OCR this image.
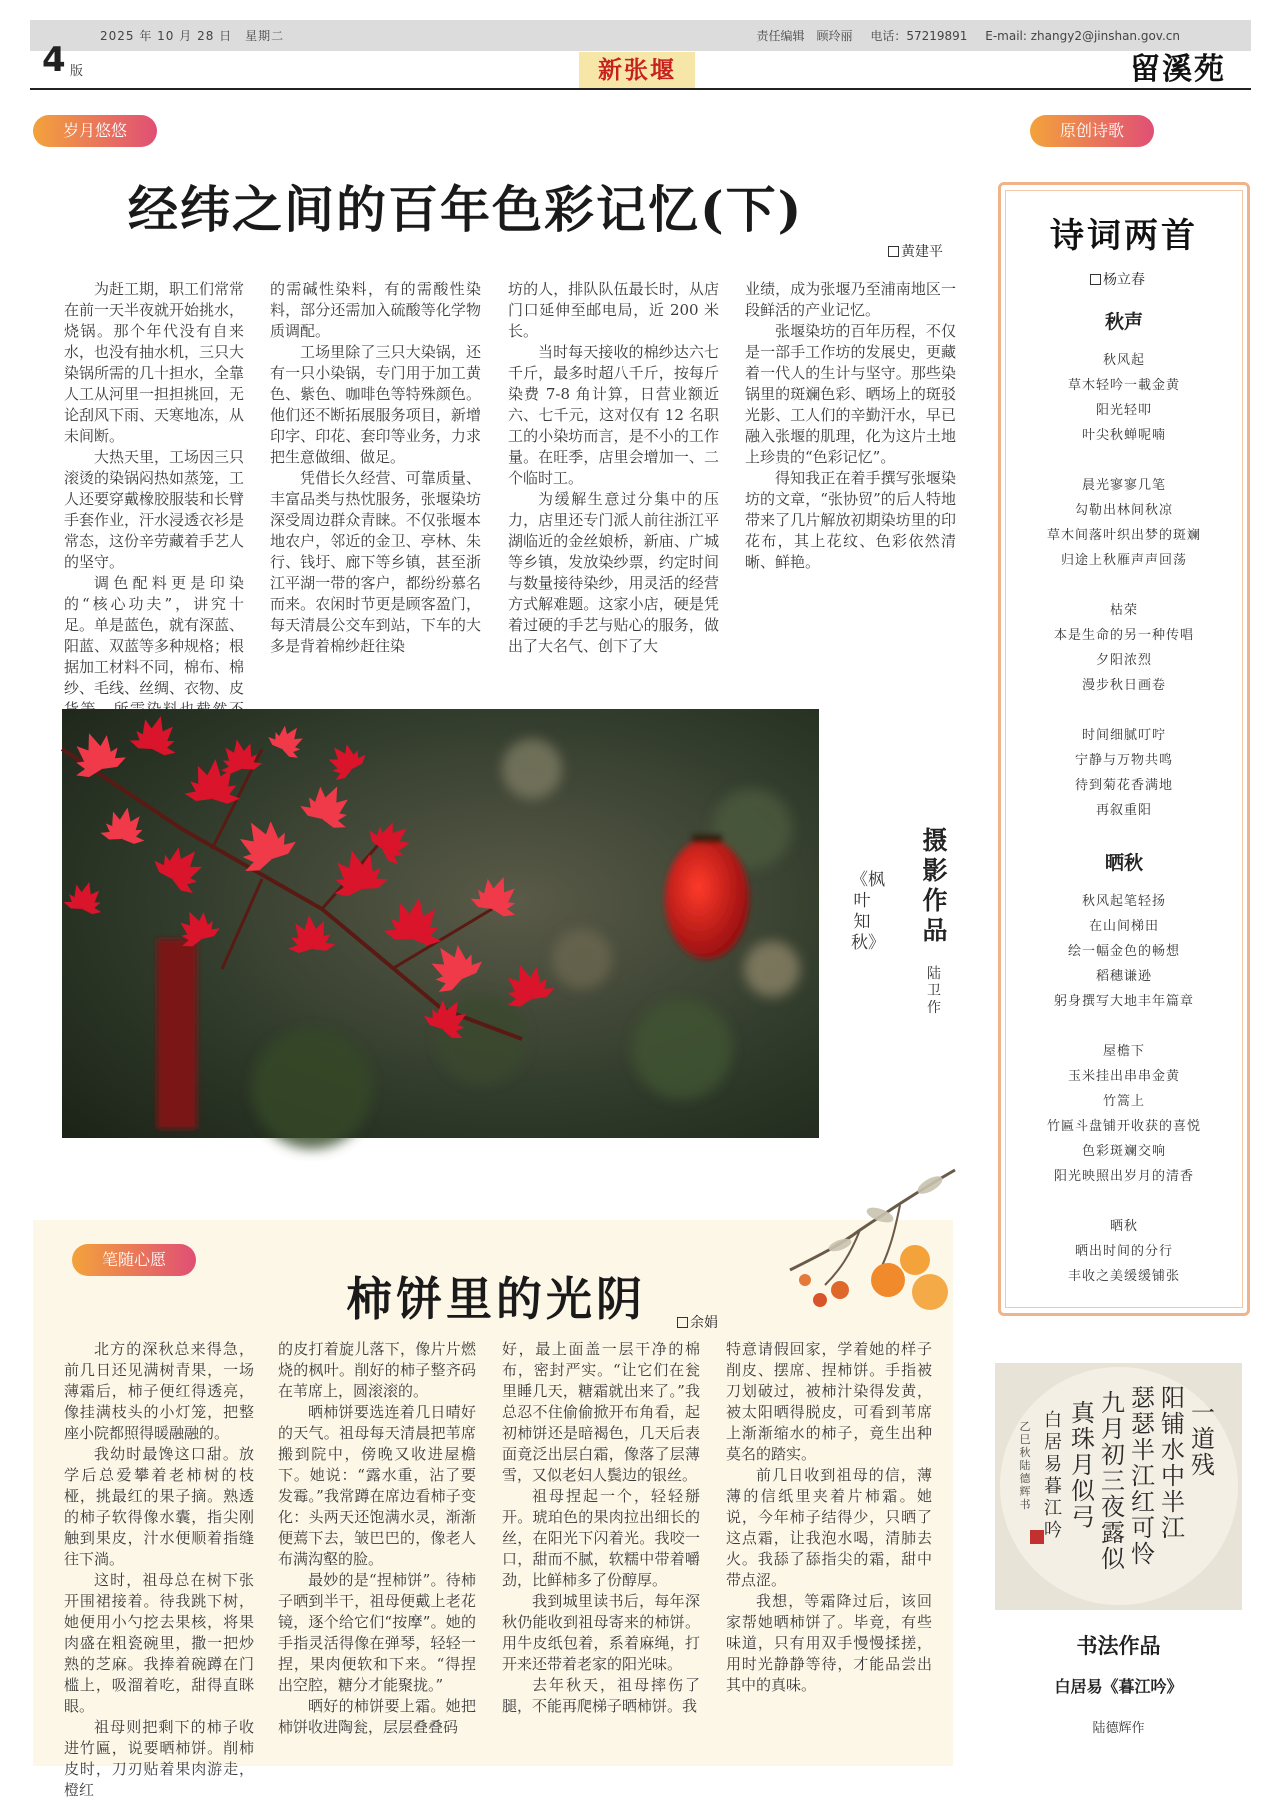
2025 年 10 月 28 日　星期二	责任编辑　顾玲丽 电话：57219891 E-mail: zhangy2@jinshan.gov.cn
4 版	新张堰	留溪苑
岁月悠悠
经纬之间的百年色彩记忆(下)
黄建平

为赶工期，职工们常常在前一天半夜就开始挑水，烧锅。那个年代没有自来水，也没有抽水机，三只大染锅所需的几十担水，全靠人工从河里一担担挑回，无论刮风下雨、天寒地冻，从未间断。

大热天里，工场因三只滚烫的染锅闷热如蒸笼，工人还要穿戴橡胶服装和长臂手套作业，汗水浸透衣衫是常态，这份辛劳藏着手艺人的坚守。

调色配料更是印染的“核心功夫”，讲究十足。单是蓝色，就有深蓝、阳蓝、双蓝等多种规格；根据加工材料不同，棉布、棉纱、毛线、丝绸、衣物、皮

的需碱性染料，有的需酸性染料，部分还需加入硫酸等化学物质调配。

工场里除了三只大染锅，还有一只小染锅，专门用于加工黄色、紫色、咖啡色等特殊颜色。他们还不断拓展服务项目，新增印字、印花、套印等业务，力求把生意做细、做足。

凭借长久经营、可靠质量、丰富品类与热忱服务，张堰染坊深受周边群众青睐。不仅张堰本地农户，邻近的金卫、亭林、朱行、钱圩、廊下等乡镇，甚至浙江平湖一带的客户，都纷纷慕名而来。农闲时节更是顾客盈门，每天清晨公交车到站，下车的大多是背着棉纱赶往染

坊的人，排队队伍最长时，从店门口延伸至邮电局，近 200 米长。

当时每天接收的棉纱达六七千斤，最多时超八千斤，按每斤染费 7-8 角计算，日营业额近六、七千元，这对仅有 12 名职工的小染坊而言，是不小的工作量。在旺季，店里会增加一、二个临时工。

为缓解生意过分集中的压力，店里还专门派人前往浙江平湖临近的金丝娘桥，新庙、广城等乡镇，发放染纱票，约定时间与数量接待染纱，用灵活的经营方式解难题。这家小店，硬是凭着过硬的手艺与贴心的服务，做出了大名气、创下了大

业绩，成为张堰乃至浦南地区一段鲜活的产业记忆。

张堰染坊的百年历程，不仅是一部手工作坊的发展史，更藏着一代人的生计与坚守。那些染锅里的斑斓色彩、晒场上的斑驳光影、工人们的辛勤汗水，早已融入张堰的肌理，化为这片土地上珍贵的“色彩记忆”。

得知我正在着手撰写张堰染坊的文章，“张协贸”的后人特地带来了几片解放初期染坊里的印花布，其上花纹、色彩依然清晰、鲜艳。

摄影作品
《枫叶知秋》
陆卫作
原创诗歌
诗词两首
杨立春
秋声
秋风起
草木轻吟一載金黄
阳光轻叩
叶尖秋蝉呢喃
晨光寥寥几笔
勾勒出林间秋凉
草木间落叶织出梦的斑斓
归途上秋雁声声回荡
枯荣
本是生命的另一种传唱
夕阳浓烈
漫步秋日画卷
时间细腻叮咛
宁静与万物共鸣
待到菊花香满地
再叙重阳
晒秋
秋风起笔轻扬
在山间梯田
绘一幅金色的畅想
稻穗谦逊
躬身撰写大地丰年篇章
屋檐下
玉米挂出串串金黄
竹篙上
竹匾斗盘铺开收获的喜悦
色彩斑斓交响
阳光映照出岁月的清香
晒秋
晒出时间的分行
丰收之美缓缓铺张
笔随心愿
柿饼里的光阴	余娟

北方的深秋总来得急，前几日还见满树青果，一场薄霜后，柿子便红得透亮，像挂满枝头的小灯笼，把整座小院都照得暖融融的。

我幼时最馋这口甜。放学后总爱攀着老柿树的枝桠，挑最红的果子摘。熟透的柿子软得像水囊，指尖刚触到果皮，汁水便顺着指缝往下淌。

这时，祖母总在树下张开围裙接着。待我跳下树，她便用小勺挖去果核，将果肉盛在粗瓷碗里，撒一把炒熟的芝麻。我捧着碗蹲在门槛上，吸溜着吃，甜得直眯眼。

祖母则把剩下的柿子收进竹匾，说要晒柿饼。削柿皮时，刀刃贴着果肉游走，橙红

的皮打着旋儿落下，像片片燃烧的枫叶。削好的柿子整齐码在苇席上，圆滚滚的。

晒柿饼要选连着几日晴好的天气。祖母每天清晨把苇席搬到院中，傍晚又收进屋檐下。她说：“露水重，沾了要发霉。”我常蹲在席边看柿子变化：头两天还饱满水灵，渐渐便蔫下去，皱巴巴的，像老人布满沟壑的脸。

最妙的是“捏柿饼”。待柿子晒到半干，祖母便戴上老花镜，逐个给它们“按摩”。她的手指灵活得像在弹琴，轻轻一捏，果肉便软和下来。“得捏出空腔，糖分才能聚拢。”

晒好的柿饼要上霜。她把柿饼收进陶瓮，层层叠叠码

好，最上面盖一层干净的棉布，密封严实。“让它们在瓮里睡几天，糖霜就出来了。”我总忍不住偷偷掀开布角看，起初柿饼还是暗褐色，几天后表面竟泛出层白霜，像落了层薄雪，又似老妇人鬓边的银丝。

祖母捏起一个，轻轻掰开。琥珀色的果肉拉出细长的丝，在阳光下闪着光。我咬一口，甜而不腻，软糯中带着嚼劲，比鲜柿多了份醇厚。

我到城里读书后，每年深秋仍能收到祖母寄来的柿饼。用牛皮纸包着，系着麻绳，打开来还带着老家的阳光味。

去年秋天，祖母摔伤了腿，不能再爬梯子晒柿饼。我

特意请假回家，学着她的样子削皮、摆席、捏柿饼。手指被刀划破过，被柿汁染得发黄，被太阳晒得脱皮，可看到苇席上渐渐缩水的柿子，竟生出种莫名的踏实。

前几日收到祖母的信，薄薄的信纸里夹着片柿霜。她说，今年柿子结得少，只晒了这点霜，让我泡水喝，清肺去火。我舔了舔指尖的霜，甜中带点涩。

我想，等霜降过后，该回家帮她晒柿饼了。毕竟，有些味道，只有用双手慢慢揉搓，用时光静静等待，才能品尝出其中的真味。

一道残
阳铺水中半江
瑟瑟半江红可怜
九月初三夜露似
真珠月似弓
白居易暮江吟
乙巳秋陆德辉书
书法作品
白居易《暮江吟》
陆德辉作
